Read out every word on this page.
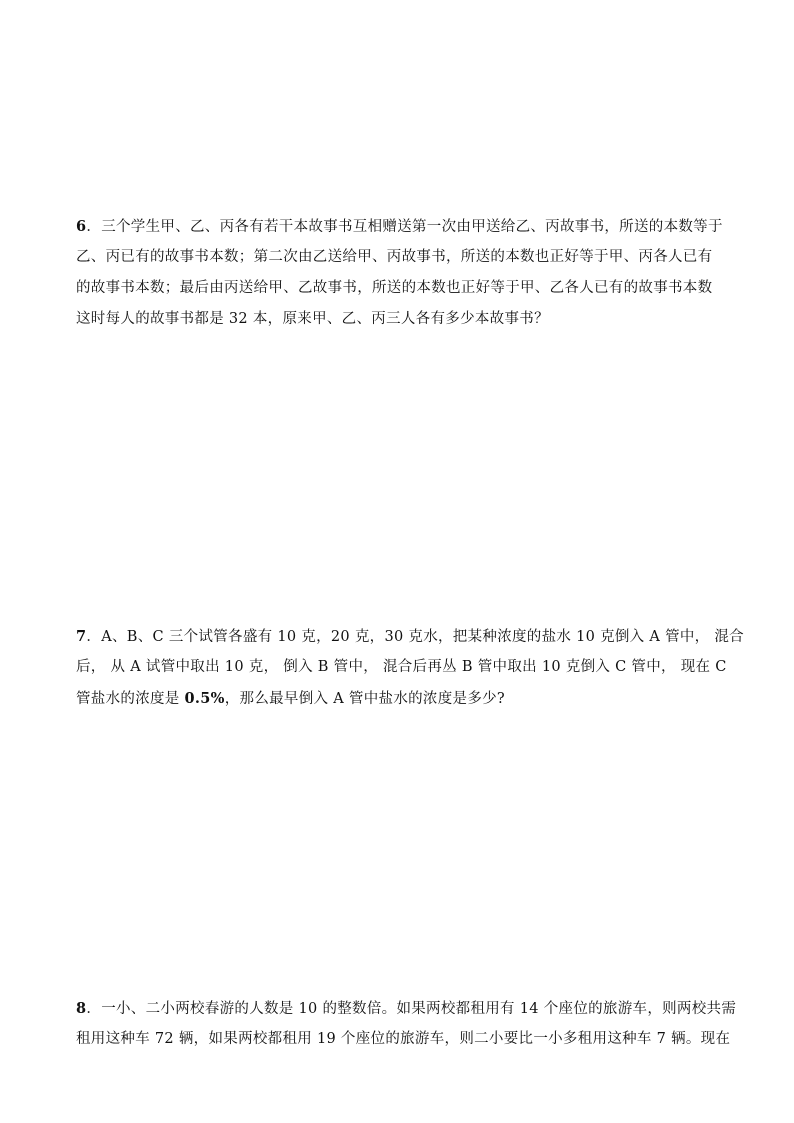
6．三个学生甲、乙、丙各有若干本故事书互相赠送第一次由甲送给乙、丙故事书，所送的本数等于
乙、丙已有的故事书本数；第二次由乙送给甲、丙故事书，所送的本数也正好等于甲、丙各人已有
的故事书本数；最后由丙送给甲、乙故事书，所送的本数也正好等于甲、乙各人已有的故事书本数
这时每人的故事书都是 32 本，原来甲、乙、丙三人各有多少本故事书？
7．A、B、C 三个试管各盛有 10 克，20 克，30 克水，把某种浓度的盐水 10 克倒入 A 管中， 混合
后， 从 A 试管中取出 10 克， 倒入 B 管中， 混合后再丛 B 管中取出 10 克倒入 C 管中， 现在 C
管盐水的浓度是 0.5%，那么最早倒入 A 管中盐水的浓度是多少?
8．一小、二小两校春游的人数是 10 的整数倍。如果两校都租用有 14 个座位的旅游车，则两校共需
租用这种车 72 辆，如果两校都租用 19 个座位的旅游车，则二小要比一小多租用这种车 7 辆。现在
